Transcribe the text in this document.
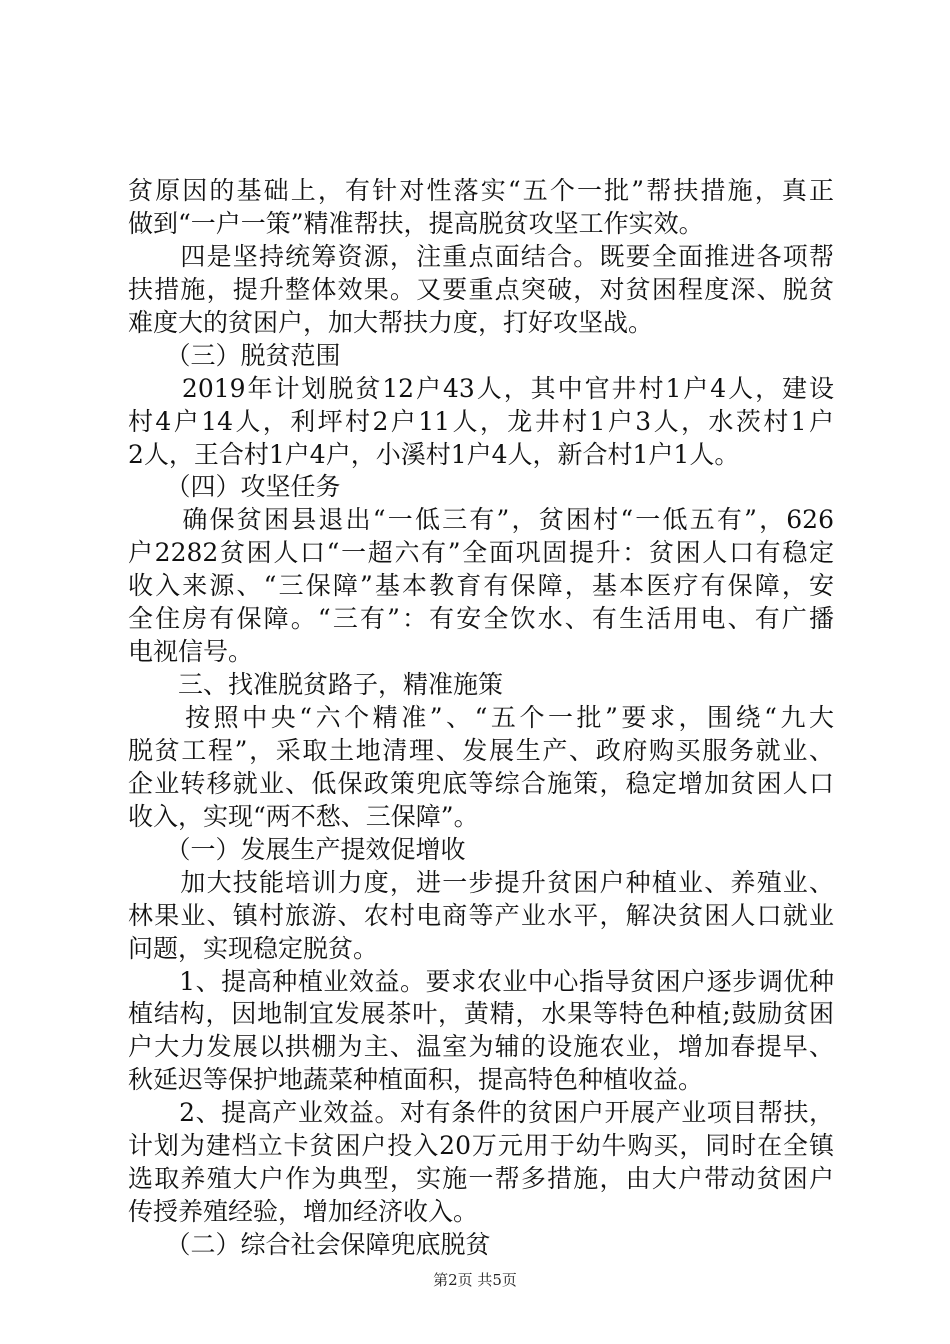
贫原因的基础上，有针对性落实“五个一批”帮扶措施，真正
做到“一户一策”精准帮扶，提高脱贫攻坚工作实效。
　　四是坚持统筹资源，注重点面结合。既要全面推进各项帮
扶措施，提升整体效果。又要重点突破，对贫困程度深、脱贫
难度大的贫困户，加大帮扶力度，打好攻坚战。
　　（三）脱贫范围
　　2019年计划脱贫12户43人，其中官井村1户4人，建设
村4户14人，利坪村2户11人，龙井村1户3人，水茨村1户
2人，王合村1户4户，小溪村1户4人，新合村1户1人。
　　（四）攻坚任务
　　确保贫困县退出“一低三有”，贫困村“一低五有”，626
户2282贫困人口“一超六有”全面巩固提升：贫困人口有稳定
收入来源、“三保障”基本教育有保障，基本医疗有保障，安
全住房有保障。“三有”：有安全饮水、有生活用电、有广播
电视信号。
　　三、找准脱贫路子，精准施策
　　按照中央“六个精准”、“五个一批”要求，围绕“九大
脱贫工程”，采取土地清理、发展生产、政府购买服务就业、
企业转移就业、低保政策兜底等综合施策，稳定增加贫困人口
收入，实现“两不愁、三保障”。
　　（一）发展生产提效促增收
　　加大技能培训力度，进一步提升贫困户种植业、养殖业、
林果业、镇村旅游、农村电商等产业水平，解决贫困人口就业
问题，实现稳定脱贫。
　　1、提高种植业效益。要求农业中心指导贫困户逐步调优种
植结构，因地制宜发展茶叶，黄精，水果等特色种植;鼓励贫困
户大力发展以拱棚为主、温室为辅的设施农业，增加春提早、
秋延迟等保护地蔬菜种植面积，提高特色种植收益。
　　2、提高产业效益。对有条件的贫困户开展产业项目帮扶，
计划为建档立卡贫困户投入20万元用于幼牛购买，同时在全镇
选取养殖大户作为典型，实施一帮多措施，由大户带动贫困户
传授养殖经验，增加经济收入。
　　（二）综合社会保障兜底脱贫
第2页 共5页
